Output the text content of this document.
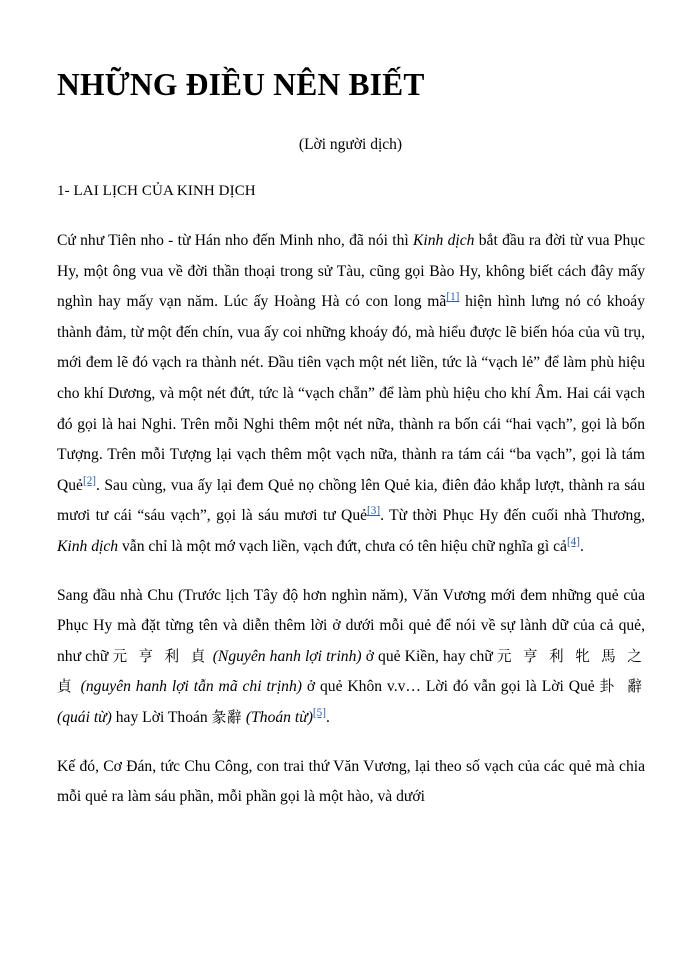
NHỮNG ĐIỀU NÊN BIẾT
(Lời người dịch)
1- LAI LỊCH CỦA KINH DỊCH

Cứ như Tiên nho - từ Hán nho đến Minh nho, đã nói thì Kinh dịch bắt đầu ra đời từ vua Phục Hy, một ông vua về đời thần thoại trong sử Tàu, cũng gọi Bào Hy, không biết cách đây mấy nghìn hay mấy vạn năm. Lúc ấy Hoàng Hà có con long mã[1] hiện hình lưng nó có khoáy thành đảm, từ một đến chín, vua ấy coi những khoáy đó, mà hiểu được lẽ biến hóa của vũ trụ, mới đem lẽ đó vạch ra thành nét. Đầu tiên vạch một nét liền, tức là “vạch lẻ” để làm phù hiệu cho khí Dương, và một nét đứt, tức là “vạch chẵn” để làm phù hiệu cho khí Âm. Hai cái vạch đó gọi là hai Nghi. Trên mỗi Nghi thêm một nét nữa, thành ra bốn cái “hai vạch”, gọi là bốn Tượng. Trên mỗi Tượng lại vạch thêm một vạch nữa, thành ra tám cái “ba vạch”, gọi là tám Quẻ[2]. Sau cùng, vua ấy lại đem Quẻ nọ chồng lên Quẻ kia, điên đảo khắp lượt, thành ra sáu mươi tư cái “sáu vạch”, gọi là sáu mươi tư Quẻ[3]. Từ thời Phục Hy đến cuối nhà Thương, Kinh dịch vẫn chỉ là một mớ vạch liền, vạch đứt, chưa có tên hiệu chữ nghĩa gì cả[4].

Sang đầu nhà Chu (Trước lịch Tây độ hơn nghìn năm), Văn Vương mới đem những quẻ của Phục Hy mà đặt từng tên và diễn thêm lời ở dưới mỗi quẻ để nói về sự lành dữ của cả quẻ, như chữ 元 亨 利 貞 (Nguyên hanh lợi trinh) ở quẻ Kiền, hay chữ 元 亨 利 牝 馬 之 貞 (nguyên hanh lợi tẫn mã chi trịnh) ở quẻ Khôn v.v… Lời đó vẫn gọi là Lời Quẻ 卦 辭 (quái từ) hay Lời Thoán 彖辭 (Thoán từ)[5].

Kế đó, Cơ Đán, tức Chu Công, con trai thứ Văn Vương, lại theo số vạch của các quẻ mà chia mỗi quẻ ra làm sáu phần, mỗi phần gọi là một hào, và dưới
